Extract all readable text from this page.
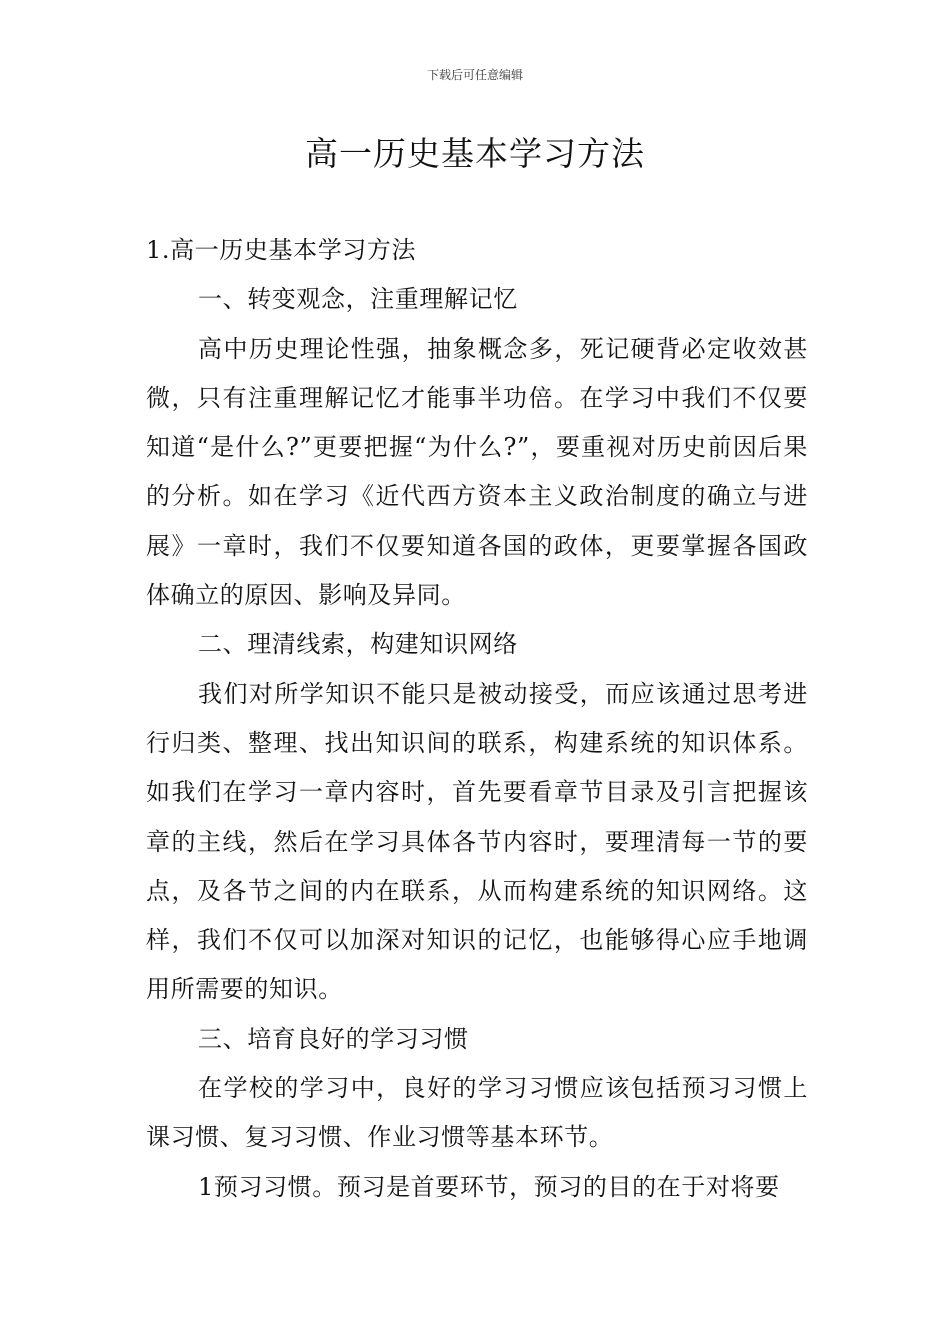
下载后可任意编辑
高一历史基本学习方法

1.高一历史基本学习方法

一、转变观念，注重理解记忆

高中历史理论性强，抽象概念多，死记硬背必定收效甚微，只有注重理解记忆才能事半功倍。在学习中我们不仅要知道“是什么?”更要把握“为什么?”，要重视对历史前因后果的分析。如在学习《近代西方资本主义政治制度的确立与进展》一章时，我们不仅要知道各国的政体，更要掌握各国政体确立的原因、影响及异同。

二、理清线索，构建知识网络

我们对所学知识不能只是被动接受，而应该通过思考进行归类、整理、找出知识间的联系，构建系统的知识体系。如我们在学习一章内容时，首先要看章节目录及引言把握该章的主线，然后在学习具体各节内容时，要理清每一节的要点，及各节之间的内在联系，从而构建系统的知识网络。这样，我们不仅可以加深对知识的记忆，也能够得心应手地调用所需要的知识。

三、培育良好的学习习惯

在学校的学习中，良好的学习习惯应该包括预习习惯上课习惯、复习习惯、作业习惯等基本环节。

1预习习惯。预习是首要环节，预习的目的在于对将要
